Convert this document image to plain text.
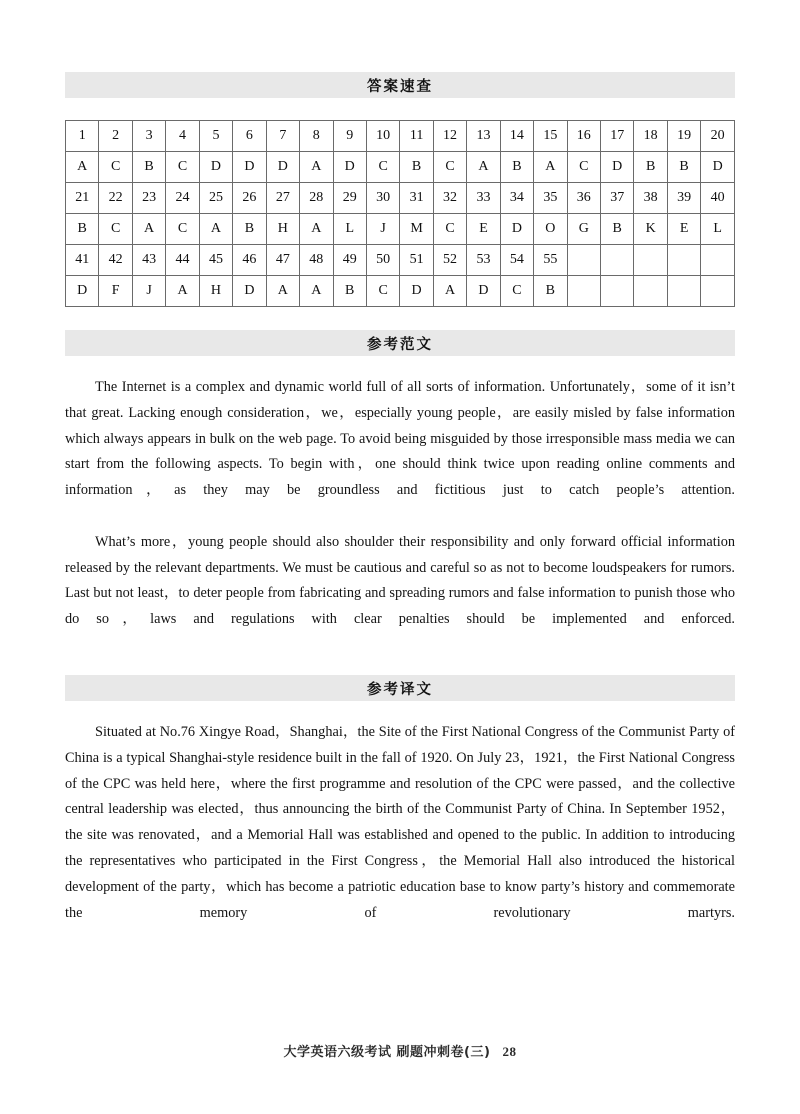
答案速查
1	2	3	4	5	6	7	8	9	10	11	12	13	14	15	16	17	18	19	20
A	C	B	C	D	D	D	A	D	C	B	C	A	B	A	C	D	B	B	D
21	22	23	24	25	26	27	28	29	30	31	32	33	34	35	36	37	38	39	40
B	C	A	C	A	B	H	A	L	J	M	C	E	D	O	G	B	K	E	L
41	42	43	44	45	46	47	48	49	50	51	52	53	54	55					
D	F	J	A	H	D	A	A	B	C	D	A	D	C	B					
参考范文

The Internet is a complex and dynamic world full of all sorts of information. Unfortunately，some of it isn’t that great. Lacking enough consideration，we，especially young people，are easily misled by false information which always appears in bulk on the web page. To avoid being misguided by those irresponsible mass media we can start from the following aspects. To begin with，one should think twice upon reading online comments and information，as they may be groundless and fictitious just to catch people’s attention.

What’s more，young people should also shoulder their responsibility and only forward official information released by the relevant departments. We must be cautious and careful so as not to become loudspeakers for rumors. Last but not least，to deter people from fabricating and spreading rumors and false information to punish those who do so，laws and regulations with clear penalties should be implemented and enforced.

参考译文

Situated at No.76 Xingye Road，Shanghai，the Site of the First National Congress of the Communist Party of China is a typical Shanghai-style residence built in the fall of 1920. On July 23，1921，the First National Congress of the CPC was held here，where the first programme and resolution of the CPC were passed，and the collective central leadership was elected，thus announcing the birth of the Communist Party of China. In September 1952，the site was renovated，and a Memorial Hall was established and opened to the public. In addition to introducing the representatives who participated in the First Congress，the Memorial Hall also introduced the historical development of the party，which has become a patriotic education base to know party’s history and commemorate the memory of revolutionary martyrs.

大学英语六级考试 刷题冲刺卷(三) 28
